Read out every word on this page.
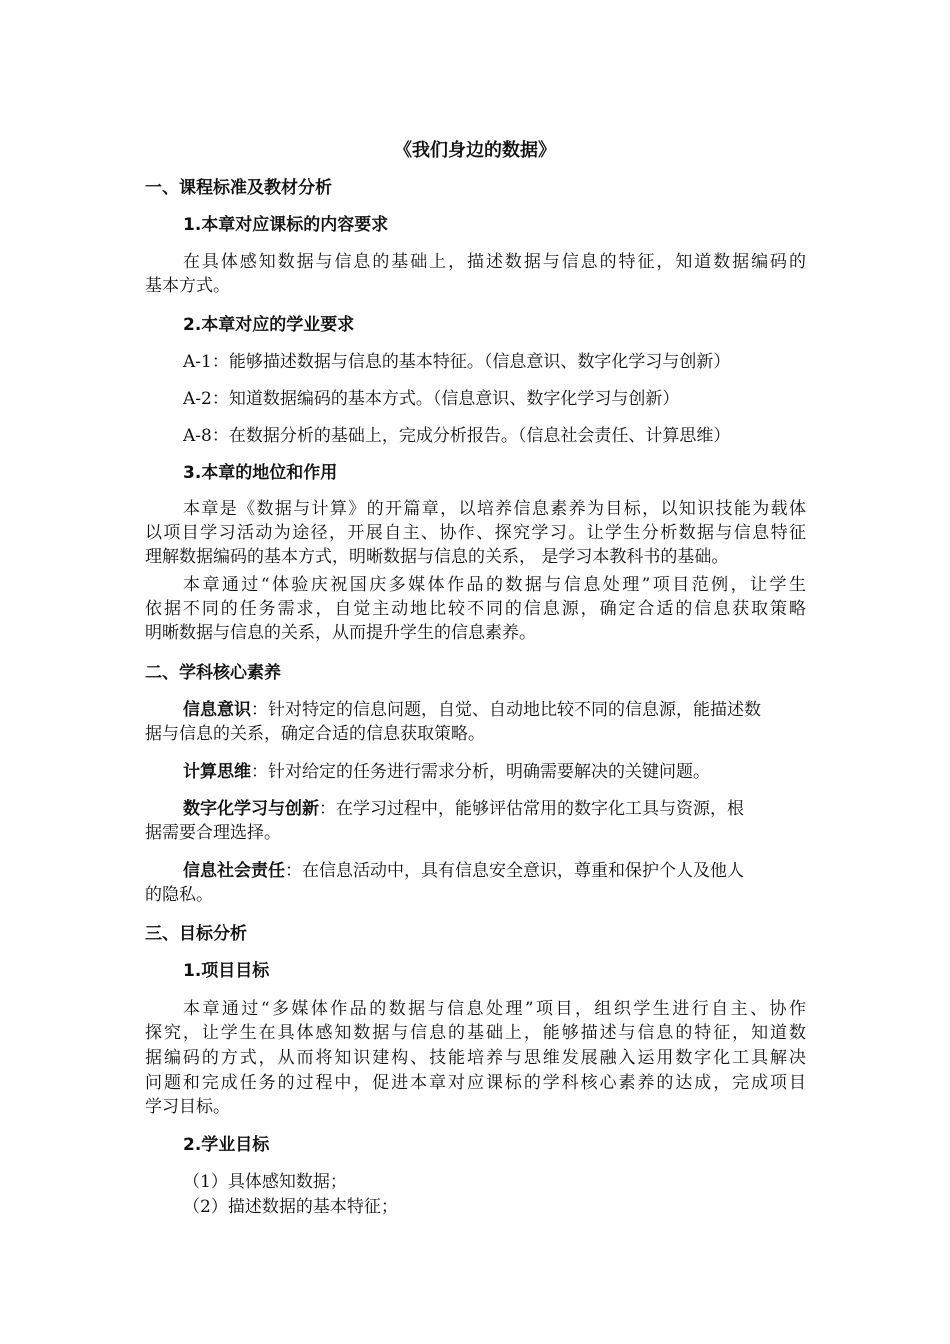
《我们身边的数据》
一、课程标准及教材分析
1.本章对应课标的内容要求
在具体感知数据与信息的基础上，描述数据与信息的特征，知道数据编码的
基本方式。
2.本章对应的学业要求
A-1：能够描述数据与信息的基本特征。（信息意识、数字化学习与创新）
A-2：知道数据编码的基本方式。（信息意识、数字化学习与创新）
A-8：在数据分析的基础上，完成分析报告。（信息社会责任、计算思维）
3.本章的地位和作用
本章是《数据与计算》的开篇章，以培养信息素养为目标，以知识技能为载体
以项目学习活动为途径，开展自主、协作、探究学习。让学生分析数据与信息特征
理解数据编码的基本方式，明晰数据与信息的关系， 是学习本教科书的基础。
本章通过“体验庆祝国庆多媒体作品的数据与信息处理”项目范例，让学生
依据不同的任务需求，自觉主动地比较不同的信息源，确定合适的信息获取策略
明晰数据与信息的关系，从而提升学生的信息素养。
二、学科核心素养
信息意识：针对特定的信息问题，自觉、自动地比较不同的信息源，能描述数
据与信息的关系，确定合适的信息获取策略。
计算思维：针对给定的任务进行需求分析，明确需要解决的关键问题。
数字化学习与创新：在学习过程中，能够评估常用的数字化工具与资源，根
据需要合理选择。
信息社会责任：在信息活动中，具有信息安全意识，尊重和保护个人及他人
的隐私。
三、目标分析
1.项目目标
本章通过“多媒体作品的数据与信息处理”项目，组织学生进行自主、协作
探究，让学生在具体感知数据与信息的基础上，能够描述与信息的特征，知道数
据编码的方式，从而将知识建构、技能培养与思维发展融入运用数字化工具解决
问题和完成任务的过程中，促进本章对应课标的学科核心素养的达成，完成项目
学习目标。
2.学业目标
（1）具体感知数据；
（2）描述数据的基本特征；
